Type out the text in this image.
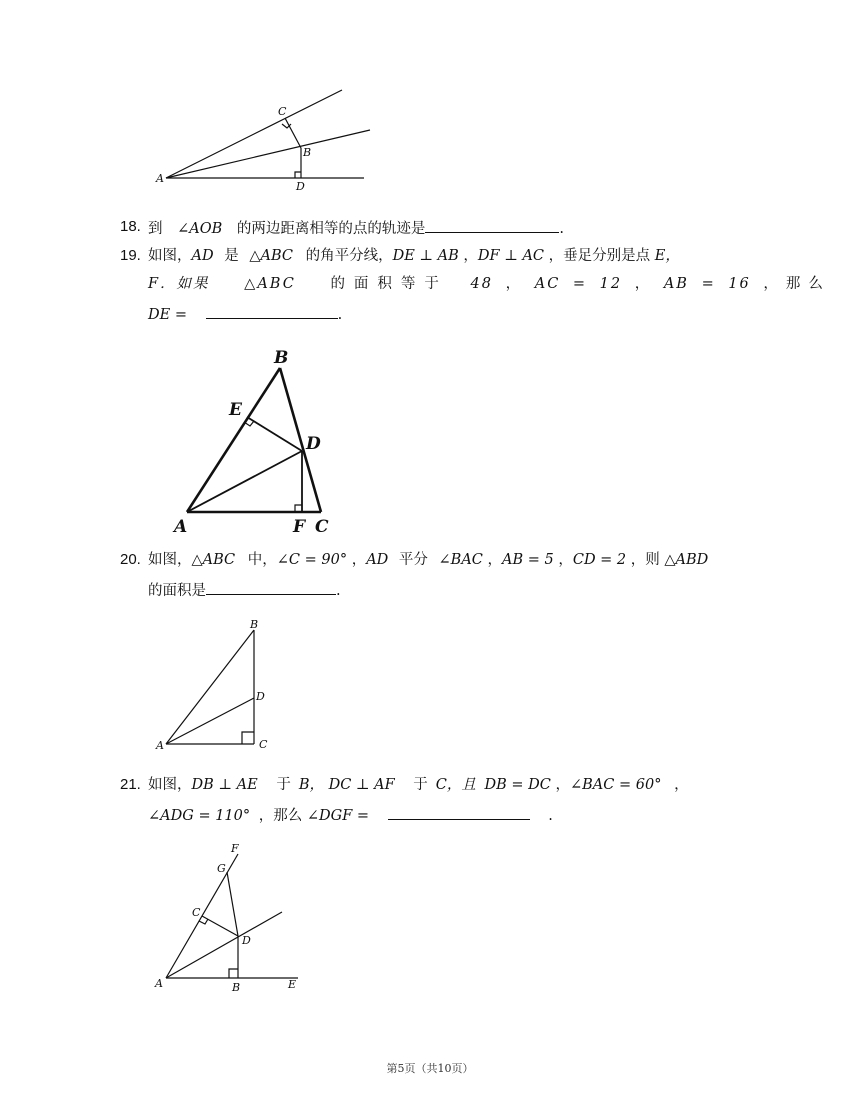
A
C
B
D
18. 到 ∠AOB 的两边距离相等的点的轨迹是	.
19. 如图，AD 是 △ABC 的角平分线，DE ⊥ AB ，DF ⊥ AC ，垂足分别是点 E，
F．如果 △ABC 的面积等于 48 ， AC = 12 ， AB = 16 ，那么
DE =	.
B
E
D
A	F C
20. 如图，△ABC 中，∠C = 90° ，AD 平分 ∠BAC ，AB = 5 ，CD = 2 ，则 △ABD
的面积是	.
B
D
A	C
21. 如图，DB ⊥ AE 于 B， DC ⊥ AF 于 C，且 DB = DC ，∠BAC = 60° ，
∠ADG = 110° ，那么 ∠DGF =	.
F
G
C
D
A	B	E
第5页（共10页）
